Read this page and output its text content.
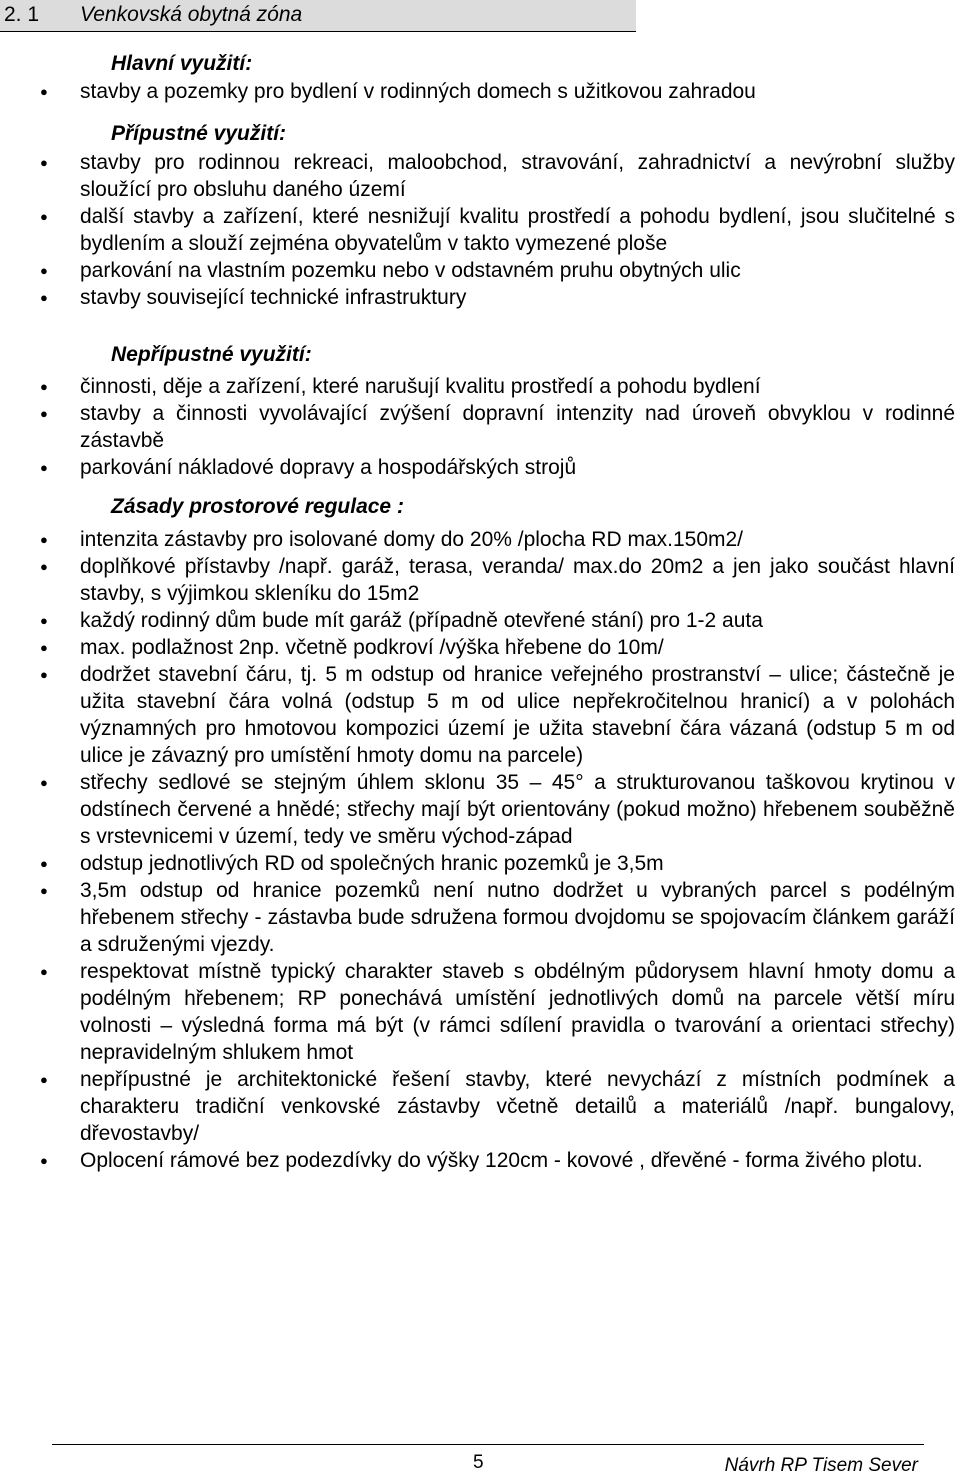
2. 1 Venkovská obytná zóna
Hlavní využití:
● stavby a pozemky pro bydlení v rodinných domech s užitkovou zahradou
Přípustné využití:
● stavby pro rodinnou rekreaci, maloobchod, stravování, zahradnictví a nevýrobní služby sloužící pro obsluhu daného území
● další stavby a zařízení, které nesnižují kvalitu prostředí a pohodu bydlení, jsou slučitelné s bydlením a slouží zejména obyvatelům v takto vymezené ploše
● parkování na vlastním pozemku nebo v odstavném pruhu obytných ulic
● stavby související technické infrastruktury
Nepřípustné využití:
● činnosti, děje a zařízení, které narušují kvalitu prostředí a pohodu bydlení
● stavby a činnosti vyvolávající zvýšení dopravní intenzity nad úroveň obvyklou v rodinné zástavbě
● parkování nákladové dopravy a hospodářských strojů
Zásady prostorové regulace :
● intenzita zástavby pro isolované domy do 20% /plocha RD max.150m2/
● doplňkové přístavby /např. garáž, terasa, veranda/ max.do 20m2 a jen jako součást hlavní stavby, s výjimkou skleníku do 15m2
● každý rodinný dům bude mít garáž (případně otevřené stání) pro 1-2 auta
● max. podlažnost 2np. včetně podkroví /výška hřebene do 10m/
● dodržet stavební čáru, tj. 5 m odstup od hranice veřejného prostranství – ulice; částečně je užita stavební čára volná (odstup 5 m od ulice nepřekročitelnou hranicí) a v polohách významných pro hmotovou kompozici území je užita stavební čára vázaná (odstup 5 m od ulice je závazný pro umístění hmoty domu na parcele)
● střechy sedlové se stejným úhlem sklonu 35 – 45° a strukturovanou taškovou krytinou v odstínech červené a hnědé; střechy mají být orientovány (pokud možno) hřebenem souběžně s vrstevnicemi v území, tedy ve směru východ-západ
● odstup jednotlivých RD od společných hranic pozemků je 3,5m
● 3,5m odstup od hranice pozemků není nutno dodržet u vybraných parcel s podélným hřebenem střechy - zástavba bude sdružena formou dvojdomu se spojovacím článkem garáží a sdruženými vjezdy.
● respektovat místně typický charakter staveb s obdélným půdorysem hlavní hmoty domu a podélným hřebenem; RP ponechává umístění jednotlivých domů na parcele větší míru volnosti – výsledná forma má být (v rámci sdílení pravidla o tvarování a orientaci střechy) nepravidelným shlukem hmot
● nepřípustné je architektonické řešení stavby, které nevychází z místních podmínek a charakteru tradiční venkovské zástavby včetně detailů a materiálů /např. bungalovy, dřevostavby/
● Oplocení rámové bez podezdívky do výšky 120cm - kovové , dřevěné - forma živého plotu.
5	Návrh RP Tisem Sever
